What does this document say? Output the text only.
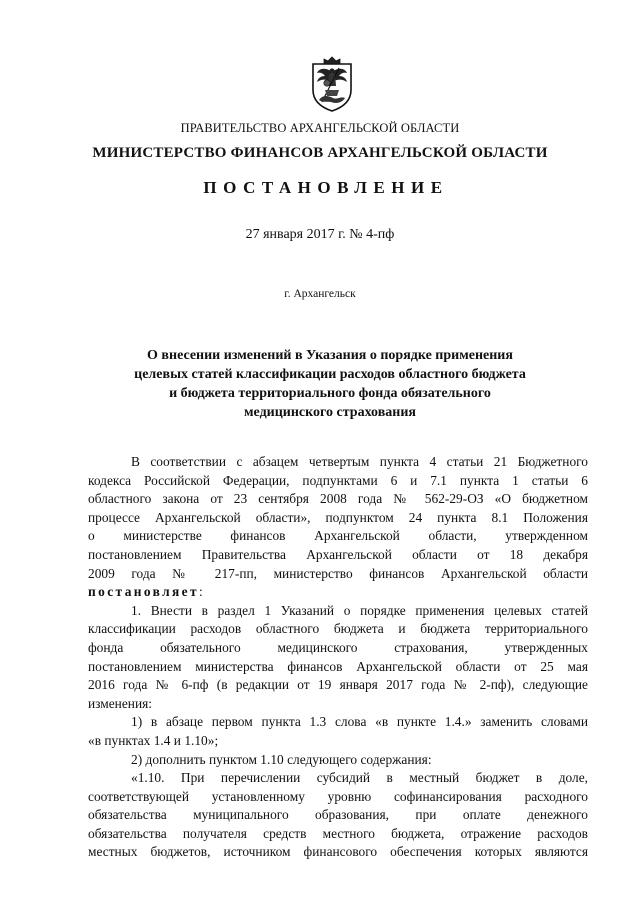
ПРАВИТЕЛЬСТВО АРХАНГЕЛЬСКОЙ ОБЛАСТИ
МИНИСТЕРСТВО ФИНАНСОВ АРХАНГЕЛЬСКОЙ ОБЛАСТИ
ПОСТАНОВЛЕНИЕ
27 января 2017 г. № 4-пф
г. Архангельск
О внесении изменений в Указания о порядке применения
целевых статей классификации расходов областного бюджета
и бюджета территориального фонда обязательного
медицинского страхования
В соответствии с абзацем четвертым пункта 4 статьи 21 Бюджетного
кодекса Российской Федерации, подпунктами 6 и 7.1 пункта 1 статьи 6
областного закона от 23 сентября 2008 года № 562-29-ОЗ «О бюджетном
процессе Архангельской области», подпунктом 24 пункта 8.1 Положения
о министерстве финансов Архангельской области, утвержденном
постановлением Правительства Архангельской области от 18 декабря
2009 года № 217-пп, министерство финансов Архангельской области
постановляет:
1. Внести в раздел 1 Указаний о порядке применения целевых статей
классификации расходов областного бюджета и бюджета территориального
фонда обязательного медицинского страхования, утвержденных
постановлением министерства финансов Архангельской области от 25 мая
2016 года № 6-пф (в редакции от 19 января 2017 года № 2-пф), следующие
изменения:
1) в абзаце первом пункта 1.3 слова «в пункте 1.4.» заменить словами
«в пунктах 1.4 и 1.10»;
2) дополнить пунктом 1.10 следующего содержания:
«1.10. При перечислении субсидий в местный бюджет в доле,
соответствующей установленному уровню софинансирования расходного
обязательства муниципального образования, при оплате денежного
обязательства получателя средств местного бюджета, отражение расходов
местных бюджетов, источником финансового обеспечения которых являются
